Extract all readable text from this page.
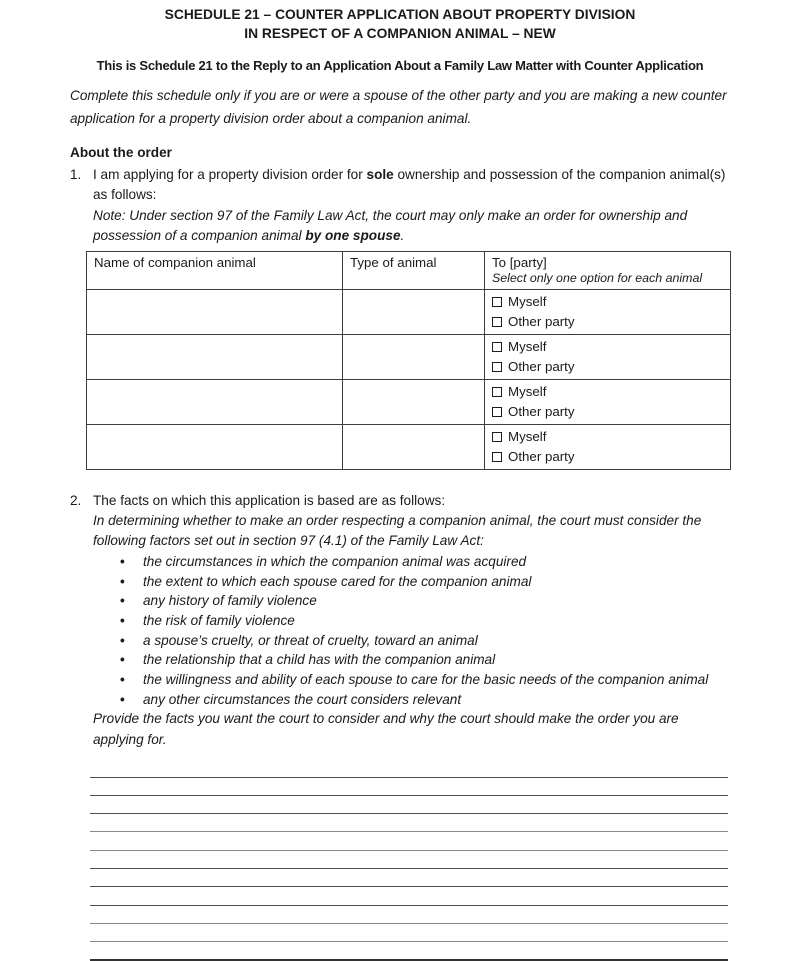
SCHEDULE 21 – COUNTER APPLICATION ABOUT PROPERTY DIVISION
IN RESPECT OF A COMPANION ANIMAL – NEW
This is Schedule 21 to the Reply to an Application About a Family Law Matter with Counter Application

Complete this schedule only if you are or were a spouse of the other party and you are making a new counter application for a property division order about a companion animal.

About the order
1. I am applying for a property division order for sole ownership and possession of the companion animal(s) as follows:
Note: Under section 97 of the Family Law Act, the court may only make an order for ownership and possession of a companion animal by one spouse.
Name of companion animal	Type of animal	To [party]
Select only one option for each animal

		Myself
Other party

		Myself
Other party

		Myself
Other party

		Myself
Other party
2. The facts on which this application is based are as follows:
In determining whether to make an order respecting a companion animal, the court must consider the following factors set out in section 97 (4.1) of the Family Law Act:
• the circumstances in which the companion animal was acquired
• the extent to which each spouse cared for the companion animal
• any history of family violence
• the risk of family violence
• a spouse’s cruelty, or threat of cruelty, toward an animal
• the relationship that a child has with the companion animal
• the willingness and ability of each spouse to care for the basic needs of the companion animal
• any other circumstances the court considers relevant
Provide the facts you want the court to consider and why the court should make the order you are applying for.
